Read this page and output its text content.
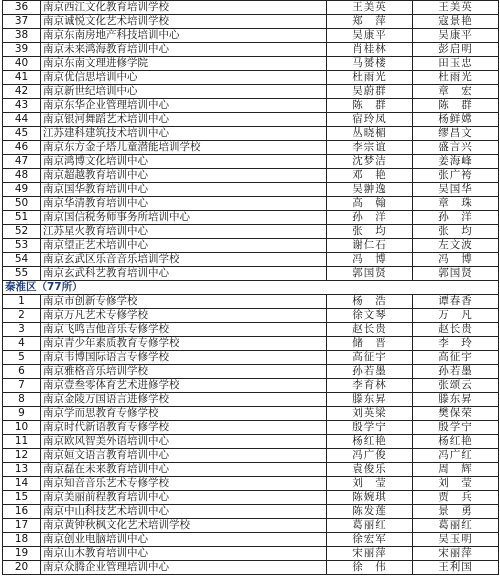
36	南京西江文化教育培训学校	王美英	王美英
37	南京诚悦文化艺术培训学校	郑　萍	寇景艳
38	南京东南房地产科技培训中心	吴康平	吴康平
39	南京未来鸿海教育培训中心	肖桂林	彭启明
40	南京东南文理进修学院	马赟楼	田玉忠
41	南京优信思培训中心	杜雨光	杜雨光
42	南京新世纪培训中心	吴蔚群	章　宏
43	南京东华企业管理培训中心	陈　群	陈　群
44	南京银河舞蹈艺术培训中心	宿玲凤	杨鲜嫦
45	江苏建科建筑技术培训中心	丛晓楣	缪昌文
46	南京东方金子塔儿童潜能培训学校	李宗谊	盛言兴
47	南京鸿博文化培训中心	沈梦洁	姜海峰
48	南京超越教育培训中心	邓　艳	张广袴
49	南京国华教育培训中心	吴翀逸	吴国华
50	南京华清教育培训中心	高　翰	章　珠
51	南京国信税务师事务所培训中心	孙　洋	孙　洋
52	江苏星火教育培训中心	张　均	张　均
53	南京望正艺术培训中心	谢仁石	左文波
54	南京玄武区乐音音乐培训学校	冯　博	冯　博
55	南京玄武科艺教育培训中心	郭国贤	郭国贤
秦淮区（77所）			
1	南京市创新专修学校	杨　浩	谭春香
2	南京万凡艺术专修学校	徐文琴	万　凡
3	南京飞鸣吉他音乐专修学校	赵长贵	赵长贵
4	南京青少年素质教育专修学校	储　晋	李　玲
5	南京韦博国际语言专修学校	高征宇	高征宇
6	南京雅格音乐培训学校	孙若墨	孙若墨
7	南京壹叁零体育艺术进修学校	李育林	张颂云
8	南京金陵万国语言进修学校	滕东昇	滕东昇
9	南京学而思教育专修学校	刘英梁	樊保荣
10	南京时代新语教育专修学校	殷学宁	殷学宁
11	南京欧风智美外语培训中心	杨红艳	杨红艳
12	南京姮文语言教育培训中心	冯广俊	冯广红
13	南京磊在未来教育培训中心	袁俊乐	周　辉
14	南京知音音乐艺术专修学校	刘　莹	刘　莹
15	南京美丽前程教育培训中心	陈婉琪	贾　兵
16	南京中山科技艺术培训中心	陈发莲	景　勇
17	南京黄钟秋枫文化艺术培训学校	葛丽红	葛丽红
18	南京创业电脑培训中心	徐宏军	吴玉明
19	南京山木教育培训中心	宋丽萍	宋丽萍
20	南京众腾企业管理培训中心	徐　伟	王利国
